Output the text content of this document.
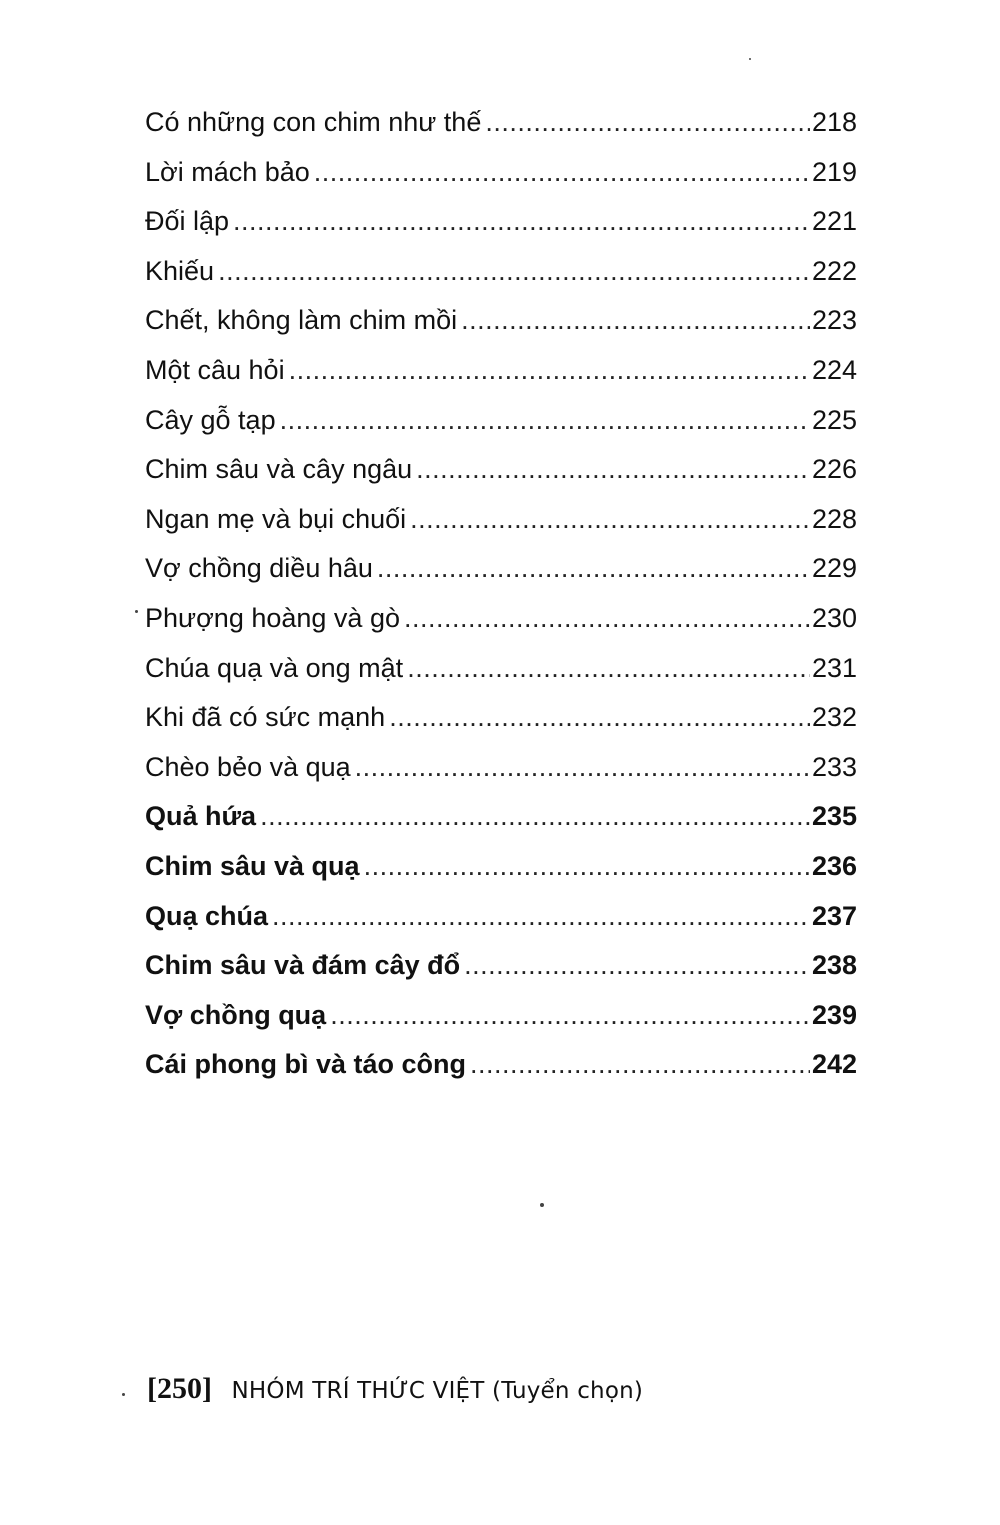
Có những con chim như thế .....	218
Lời mách bảo .....	219
Đối lập .....	221
Khiếu .....	222
Chết, không làm chim mồi .....	223
Một câu hỏi .....	224
Cây gỗ tạp .....	225
Chim sâu và cây ngâu .....	226
Ngan mẹ và bụi chuối .....	228
Vợ chồng diều hâu .....	229
Phượng hoàng và gò .....	230
Chúa quạ và ong mật .....	231
Khi đã có sức mạnh .....	232
Chèo bẻo và quạ .....	233
Quả hứa .....	235
Chim sâu và quạ .....	236
Quạ chúa .....	237
Chim sâu và đám cây đổ .....	238
Vợ chồng quạ .....	239
Cái phong bì và táo công .....	242
[250] NHÓM TRÍ THỨC VIỆT (Tuyển chọn)
